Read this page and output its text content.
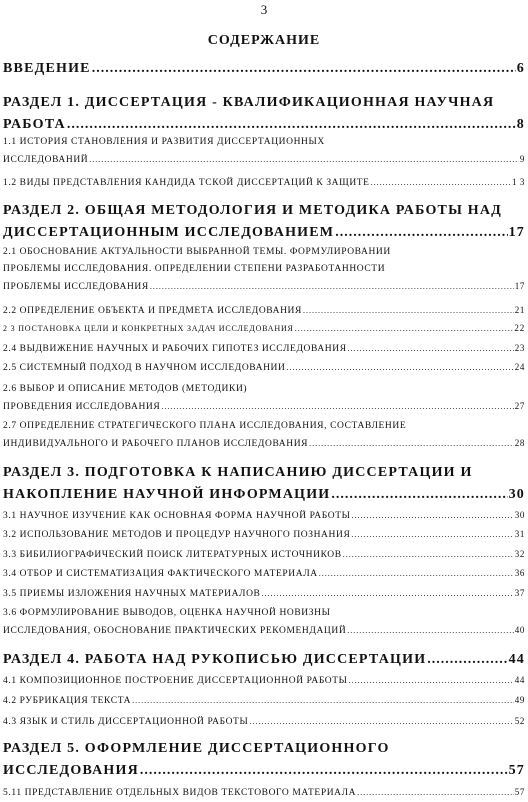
3
СОДЕРЖАНИЕ
ВВЕДЕНИЕ .....	6
РАЗДЕЛ 1. ДИССЕРТАЦИЯ - КВАЛИФИКАЦИОННАЯ НАУЧНАЯ
РАБОТА .....	8
1.1 ИСТОРИЯ СТАНОВЛЕНИЯ И РАЗВИТИЯ ДИССЕРТАЦИОННЫХ
ИССЛЕДОВАНИЙ .....	9
1.2 ВИДЫ ПРЕДСТАВЛЕНИЯ КАНДИДА ТСКОЙ ДИССЕРТАЦИЙ К ЗАЩИТЕ .....	1 3
РАЗДЕЛ 2. ОБЩАЯ МЕТОДОЛОГИЯ И МЕТОДИКА РАБОТЫ НАД
ДИССЕРТАЦИОННЫМ ИССЛЕДОВАНИЕМ .....	17
2.1 ОБОСНОВАНИЕ АКТУАЛЬНОСТИ ВЫБРАННОЙ ТЕМЫ. ФОРМУЛИРОВАНИИ
ПРОБЛЕМЫ ИССЛЕДОВАНИЯ. ОПРЕДЕЛЕНИИ СТЕПЕНИ РАЗРАБОТАННОСТИ
ПРОБЛЕМЫ ИССЛЕДОВАНИЯ .....	17
2.2 ОПРЕДЕЛЕНИЕ ОБЪЕКТА И ПРЕДМЕТА ИССЛЕДОВАНИЯ .....	21
2 3 ПОСТАНОВКА ЦЕЛИ И КОНКРЕТНЫХ ЗАДАЧ ИССЛЕДОВАНИЯ .....	22
2.4 ВЫДВИЖЕНИЕ НАУЧНЫХ И РАБОЧИХ ГИПОТЕЗ ИССЛЕДОВАНИЯ .....	23
2.5 СИСТЕМНЫЙ ПОДХОД В НАУЧНОМ ИССЛЕДОВАНИИ .....	24
2.6 ВЫБОР И ОПИСАНИЕ МЕТОДОВ (МЕТОДИКИ)
ПРОВЕДЕНИЯ ИССЛЕДОВАНИЯ .....	27
2.7 ОПРЕДЕЛЕНИЕ СТРАТЕГИЧЕСКОГО ПЛАНА ИССЛЕДОВАНИЯ, СОСТАВЛЕНИЕ
ИНДИВИДУАЛЬНОГО И РАБОЧЕГО ПЛАНОВ ИССЛЕДОВАНИЯ .....	28
РАЗДЕЛ 3. ПОДГОТОВКА К НАПИСАНИЮ ДИССЕРТАЦИИ И
НАКОПЛЕНИЕ НАУЧНОЙ ИНФОРМАЦИИ .....	30
3.1 НАУЧНОЕ ИЗУЧЕНИЕ КАК ОСНОВНАЯ ФОРМА НАУЧНОЙ РАБОТЫ .....	30
3.2 ИСПОЛЬЗОВАНИЕ МЕТОДОВ И ПРОЦЕДУР НАУЧНОГО ПОЗНАНИЯ .....	31
3.3 БИБИЛИОГРАФИЧЕСКИЙ ПОИСК ЛИТЕРАТУРНЫХ ИСТОЧНИКОВ .....	32
3.4 ОТБОР И СИСТЕМАТИЗАЦИЯ ФАКТИЧЕСКОГО МАТЕРИАЛА .....	36
3.5 ПРИЕМЫ ИЗЛОЖЕНИЯ НАУЧНЫХ МАТЕРИАЛОВ .....	37
3.6 ФОРМУЛИРОВАНИЕ ВЫВОДОВ, ОЦЕНКА НАУЧНОЙ НОВИЗНЫ
ИССЛЕДОВАНИЯ, ОБОСНОВАНИЕ ПРАКТИЧЕСКИХ РЕКОМЕНДАЦИЙ .....	40
РАЗДЕЛ 4. РАБОТА НАД РУКОПИСЬЮ ДИССЕРТАЦИИ .....	44
4.1 КОМПОЗИЦИОННОЕ ПОСТРОЕНИЕ ДИССЕРТАЦИОННОЙ РАБОТЫ .....	44
4.2 РУБРИКАЦИЯ ТЕКСТА .....	49
4.3 ЯЗЫК И СТИЛЬ ДИССЕРТАЦИОННОЙ РАБОТЫ .....	52
РАЗДЕЛ 5. ОФОРМЛЕНИЕ ДИССЕРТАЦИОННОГО
ИССЛЕДОВАНИЯ .....	57
5.11 ПРЕДСТАВЛЕНИЕ ОТДЕЛЬНЫХ ВИДОВ ТЕКСТОВОГО МАТЕРИАЛА .....	57
